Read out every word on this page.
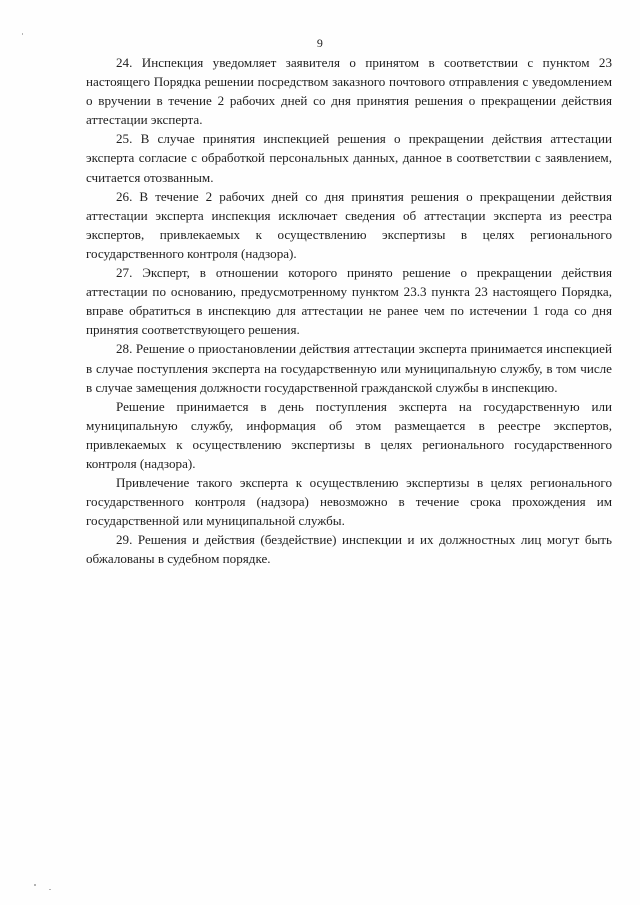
9

24. Инспекция уведомляет заявителя о принятом в соответствии с пунктом 23 настоящего Порядка решении посредством заказного почтового отправления с уведомлением о вручении в течение 2 рабочих дней со дня принятия решения о прекращении действия аттестации эксперта.

25. В случае принятия инспекцией решения о прекращении действия аттестации эксперта согласие с обработкой персональных данных, данное в соответствии с заявлением, считается отозванным.

26. В течение 2 рабочих дней со дня принятия решения о прекращении действия аттестации эксперта инспекция исключает сведения об аттестации эксперта из реестра экспертов, привлекаемых к осуществлению экспертизы в целях регионального государственного контроля (надзора).

27. Эксперт, в отношении которого принято решение о прекращении действия аттестации по основанию, предусмотренному пунктом 23.3 пункта 23 настоящего Порядка, вправе обратиться в инспекцию для аттестации не ранее чем по истечении 1 года со дня принятия соответствующего решения.

28. Решение о приостановлении действия аттестации эксперта принимается инспекцией в случае поступления эксперта на государственную или муниципальную службу, в том числе в случае замещения должности государственной гражданской службы в инспекцию.

Решение принимается в день поступления эксперта на государственную или муниципальную службу, информация об этом размещается в реестре экспертов, привлекаемых к осуществлению экспертизы в целях регионального государственного контроля (надзора).

Привлечение такого эксперта к осуществлению экспертизы в целях регионального государственного контроля (надзора) невозможно в течение срока прохождения им государственной или муниципальной службы.

29. Решения и действия (бездействие) инспекции и их должностных лиц могут быть обжалованы в судебном порядке.
